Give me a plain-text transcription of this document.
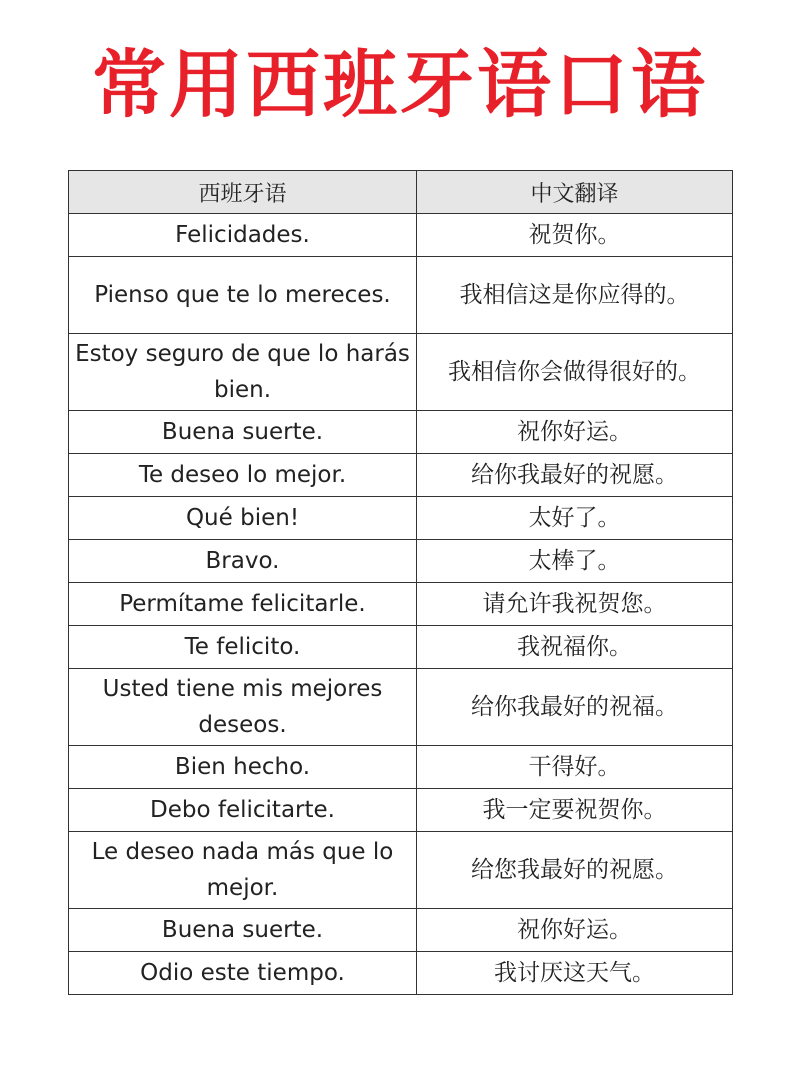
常用西班牙语口语
西班牙语	中文翻译
Felicidades.	祝贺你。
Pienso que te lo mereces.	我相信这是你应得的。
Estoy seguro de que lo harás bien.	我相信你会做得很好的。
Buena suerte.	祝你好运。
Te deseo lo mejor.	给你我最好的祝愿。
Qué bien!	太好了。
Bravo.	太棒了。
Permítame felicitarle.	请允许我祝贺您。
Te felicito.	我祝福你。
Usted tiene mis mejores deseos.	给你我最好的祝福。
Bien hecho.	干得好。
Debo felicitarte.	我一定要祝贺你。
Le deseo nada más que lo mejor.	给您我最好的祝愿。
Buena suerte.	祝你好运。
Odio este tiempo.	我讨厌这天气。
